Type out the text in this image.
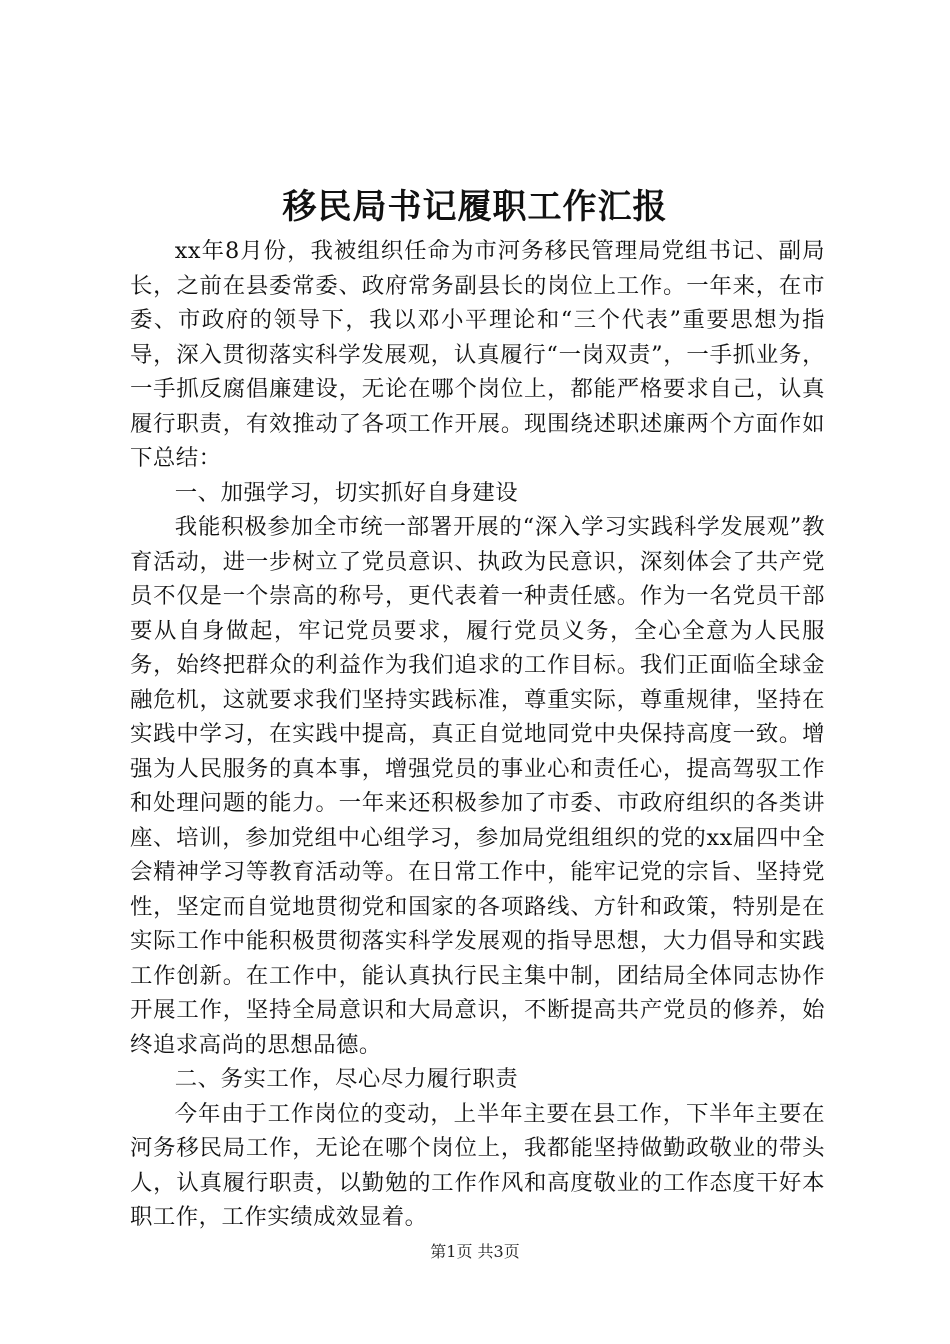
移民局书记履职工作汇报

xx年8月份，我被组织任命为市河务移民管理局党组书记、副局长，之前在县委常委、政府常务副县长的岗位上工作。一年来，在市委、市政府的领导下，我以邓小平理论和“三个代表”重要思想为指导，深入贯彻落实科学发展观，认真履行“一岗双责”，一手抓业务，一手抓反腐倡廉建设，无论在哪个岗位上，都能严格要求自己，认真履行职责，有效推动了各项工作开展。现围绕述职述廉两个方面作如下总结：

一、加强学习，切实抓好自身建设

我能积极参加全市统一部署开展的“深入学习实践科学发展观”教育活动，进一步树立了党员意识、执政为民意识，深刻体会了共产党员不仅是一个崇高的称号，更代表着一种责任感。作为一名党员干部要从自身做起，牢记党员要求，履行党员义务，全心全意为人民服务，始终把群众的利益作为我们追求的工作目标。我们正面临全球金融危机，这就要求我们坚持实践标准，尊重实际，尊重规律，坚持在实践中学习，在实践中提高，真正自觉地同党中央保持高度一致。增强为人民服务的真本事，增强党员的事业心和责任心，提高驾驭工作和处理问题的能力。一年来还积极参加了市委、市政府组织的各类讲座、培训，参加党组中心组学习，参加局党组组织的党的xx届四中全会精神学习等教育活动等。在日常工作中，能牢记党的宗旨、坚持党性，坚定而自觉地贯彻党和国家的各项路线、方针和政策，特别是在实际工作中能积极贯彻落实科学发展观的指导思想，大力倡导和实践工作创新。在工作中，能认真执行民主集中制，团结局全体同志协作开展工作，坚持全局意识和大局意识，不断提高共产党员的修养，始终追求高尚的思想品德。

二、务实工作，尽心尽力履行职责

今年由于工作岗位的变动，上半年主要在县工作，下半年主要在河务移民局工作，无论在哪个岗位上，我都能坚持做勤政敬业的带头人，认真履行职责，以勤勉的工作作风和高度敬业的工作态度干好本职工作，工作实绩成效显着。

第1页 共3页
